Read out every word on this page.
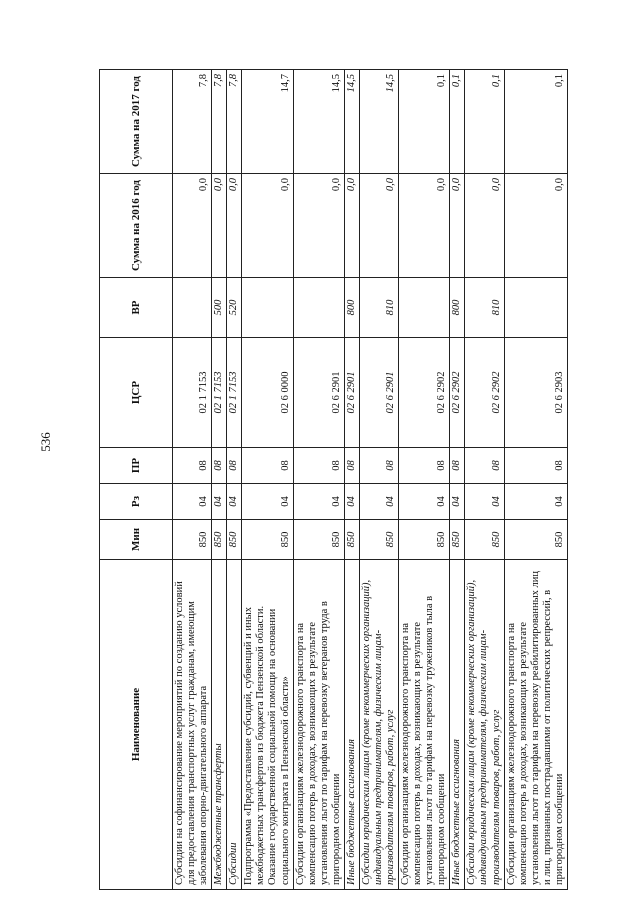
536
Наименование	Мин	Рз	ПР	ЦСР	ВР	Сумма на 2016 год	Сумма на 2017 год
Субсидии на софинансирование мероприятий по созданию условий для предоставления транспортных услуг гражданам, имеющим заболевания опорно-двигательного аппарата	850	04	08	02 1 7153		0,0	7,8
Межбюджетные трансферты	850	04	08	02 1 7153	500	0,0	7,8
Субсидии	850	04	08	02 1 7153	520	0,0	7,8
Подпрограмма «Предоставление субсидий, субвенций и иных межбюджетных трансфертов из бюджета Пензенской области. Оказание государственной социальной помощи на основании социального контракта в Пензенской области»	850	04	08	02 6 0000		0,0	14,7
Субсидии организациям железнодорожного транспорта на компенсацию потерь в доходах, возникающих в результате установления льгот по тарифам на перевозку ветеранов труда в пригородном сообщении	850	04	08	02 6 2901		0,0	14,5
Иные бюджетные ассигнования	850	04	08	02 6 2901	800	0,0	14,5
Субсидии юридическим лицам (кроме некоммерческих организаций), индивидуальным предпринимателям, физическим лицам-производителям товаров, работ, услуг	850	04	08	02 6 2901	810	0,0	14,5
Субсидии организациям железнодорожного транспорта на компенсацию потерь в доходах, возникающих в результате установления льгот по тарифам на перевозку тружеников тыла в пригородном сообщении	850	04	08	02 6 2902		0,0	0,1
Иные бюджетные ассигнования	850	04	08	02 6 2902	800	0,0	0,1
Субсидии юридическим лицам (кроме некоммерческих организаций), индивидуальным предпринимателям, физическим лицам-производителям товаров, работ, услуг	850	04	08	02 6 2902	810	0,0	0,1
Субсидии организациям железнодорожного транспорта на компенсацию потерь в доходах, возникающих в результате установления льгот по тарифам на перевозку реабилитированных лиц и лиц, признанных пострадавшими от политических репрессий, в пригородном сообщении	850	04	08	02 6 2903		0,0	0,1
